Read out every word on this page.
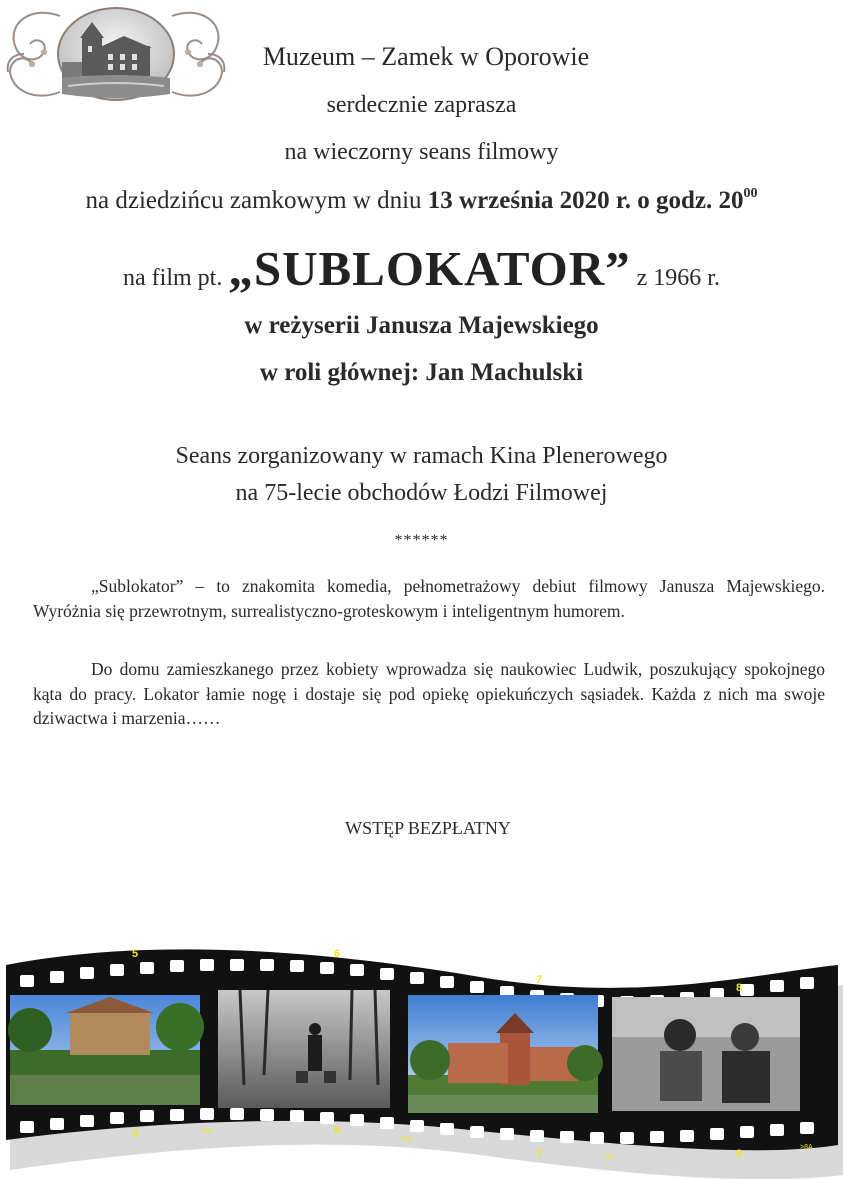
Muzeum – Zamek w Oporowie
serdecznie zaprasza
na wieczorny seans filmowy
na dziedzińcu zamkowym w dniu 13 września 2020 r. o godz. $20^{00}$
na film pt. „SUBLOKATOR” z 1966 r.
w reżyserii Janusza Majewskiego
w roli głównej: Jan Machulski
Seans zorganizowany w ramach Kina Plenerowego
na 75-lecie obchodów Łodzi Filmowej
******
„Sublokator” – to znakomita komedia, pełnometrażowy debiut filmowy Janusza Majewskiego. Wyróżnia się przewrotnym, surrealistyczno-groteskowym i inteligentnym humorem.
Do domu zamieszkanego przez kobiety wprowadza się naukowiec Ludwik, poszukujący spokojnego kąta do pracy. Lokator łamie nogę i dostaje się pod opiekę opiekuńczych sąsiadek. Każda z nich ma swoje dziwactwa i marzenia……
WSTĘP BEZPŁATNY
5	6
7
8
5	6
7	8
>5A
>6A
>7A
>8A
